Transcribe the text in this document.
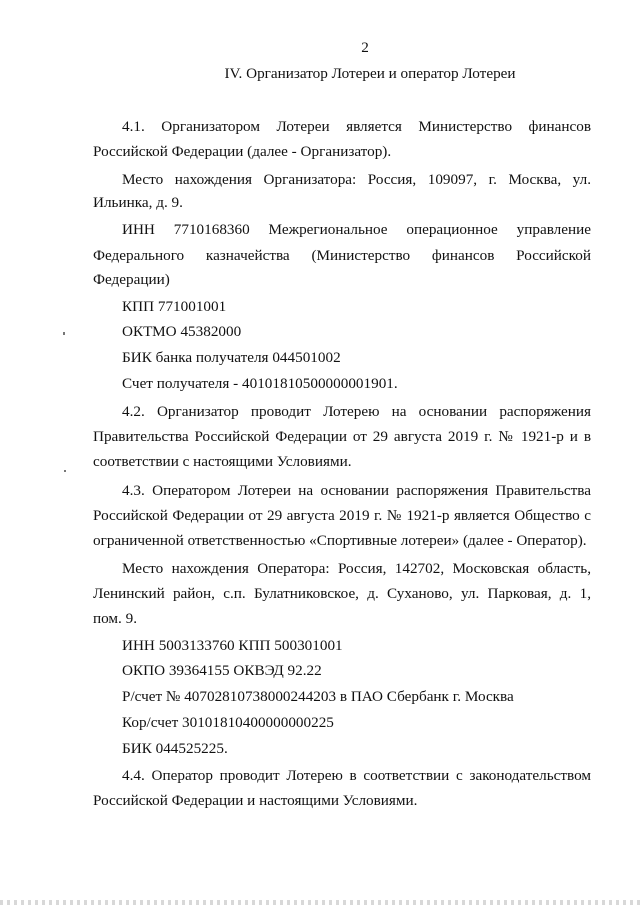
2

IV. Организатор Лотереи и оператор Лотереи

4.1. Организатором Лотереи является Министерство финансов

Российской Федерации (далее - Организатор).

Место нахождения Организатора: Россия, 109097, г. Москва, ул.

Ильинка, д. 9.

ИНН 7710168360 Межрегиональное операционное управление

Федерального казначейства (Министерство финансов Российской

Федерации)

КПП 771001001

ОКТМО 45382000

БИК банка получателя 044501002

Счет получателя - 40101810500000001901.

4.2. Организатор проводит Лотерею на основании распоряжения

Правительства Российской Федерации от 29 августа 2019 г. № 1921-р и в

соответствии с настоящими Условиями.

4.3. Оператором Лотереи на основании распоряжения Правительства

Российской Федерации от 29 августа 2019 г. № 1921-р является Общество с

ограниченной ответственностью «Спортивные лотереи» (далее - Оператор).

Место нахождения Оператора: Россия, 142702, Московская область,

Ленинский район, с.п. Булатниковское, д. Суханово, ул. Парковая, д. 1,

пом. 9.

ИНН 5003133760 КПП 500301001

ОКПО 39364155 ОКВЭД 92.22

Р/счет № 40702810738000244203 в ПАО Сбербанк г. Москва

Кор/счет 30101810400000000225

БИК 044525225.

4.4. Оператор проводит Лотерею в соответствии с законодательством

Российской Федерации и настоящими Условиями.
